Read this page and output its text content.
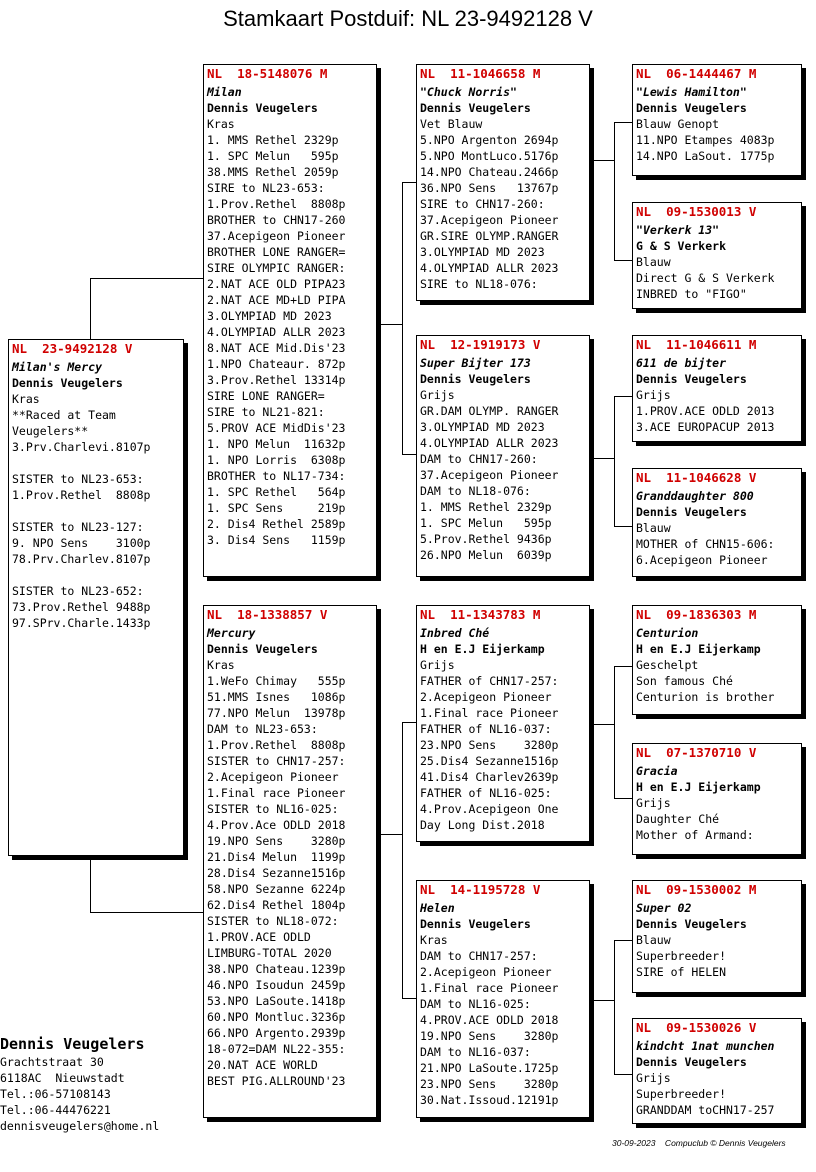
Stamkaart Postduif: NL 23-9492128 V
NL  23-9492128 V
Milan's Mercy
Dennis Veugelers
Kras
**Raced at Team
Veugelers**
3.Prv.Charlevi.8107p
SISTER to NL23-653:
1.Prov.Rethel  8808p
SISTER to NL23-127:
9. NPO Sens    3100p
78.Prv.Charlev.8107p
SISTER to NL23-652:
73.Prov.Rethel 9488p
97.SPrv.Charle.1433p
NL  18-5148076 M
Milan
Dennis Veugelers
Kras
1. MMS Rethel 2329p
1. SPC Melun   595p
38.MMS Rethel 2059p
SIRE to NL23-653:
1.Prov.Rethel  8808p
BROTHER to CHN17-260
37.Acepigeon Pioneer
BROTHER LONE RANGER=
SIRE OLYMPIC RANGER:
2.NAT ACE OLD PIPA23
2.NAT ACE MD+LD PIPA
3.OLYMPIAD MD 2023
4.OLYMPIAD ALLR 2023
8.NAT ACE Mid.Dis'23
1.NPO Chateaur. 872p
3.Prov.Rethel 13314p
SIRE LONE RANGER=
SIRE to NL21-821:
5.PROV ACE MidDis'23
1. NPO Melun  11632p
1. NPO Lorris  6308p
BROTHER to NL17-734:
1. SPC Rethel   564p
1. SPC Sens     219p
2. Dis4 Rethel 2589p
3. Dis4 Sens   1159p
NL  18-1338857 V
Mercury
Dennis Veugelers
Kras
1.WeFo Chimay   555p
51.MMS Isnes   1086p
77.NPO Melun  13978p
DAM to NL23-653:
1.Prov.Rethel  8808p
SISTER to CHN17-257:
2.Acepigeon Pioneer
1.Final race Pioneer
SISTER to NL16-025:
4.Prov.Ace ODLD 2018
19.NPO Sens    3280p
21.Dis4 Melun  1199p
28.Dis4 Sezanne1516p
58.NPO Sezanne 6224p
62.Dis4 Rethel 1804p
SISTER to NL18-072:
1.PROV.ACE ODLD
LIMBURG-TOTAL 2020
38.NPO Chateau.1239p
46.NPO Isoudun 2459p
53.NPO LaSoute.1418p
60.NPO Montluc.3236p
66.NPO Argento.2939p
18-072=DAM NL22-355:
20.NAT ACE WORLD
BEST PIG.ALLROUND'23
NL  11-1046658 M
"Chuck Norris"
Dennis Veugelers
Vet Blauw
5.NPO Argenton 2694p
5.NPO MontLuco.5176p
14.NPO Chateau.2466p
36.NPO Sens   13767p
SIRE to CHN17-260:
37.Acepigeon Pioneer
GR.SIRE OLYMP.RANGER
3.OLYMPIAD MD 2023
4.OLYMPIAD ALLR 2023
SIRE to NL18-076:
NL  12-1919173 V
Super Bijter 173
Dennis Veugelers
Grijs
GR.DAM OLYMP. RANGER
3.OLYMPIAD MD 2023
4.OLYMPIAD ALLR 2023
DAM to CHN17-260:
37.Acepigeon Pioneer
DAM to NL18-076:
1. MMS Rethel 2329p
1. SPC Melun   595p
5.Prov.Rethel 9436p
26.NPO Melun  6039p
NL  11-1343783 M
Inbred Ché
H en E.J Eijerkamp
Grijs
FATHER of CHN17-257:
2.Acepigeon Pioneer
1.Final race Pioneer
FATHER of NL16-037:
23.NPO Sens    3280p
25.Dis4 Sezanne1516p
41.Dis4 Charlev2639p
FATHER of NL16-025:
4.Prov.Acepigeon One
Day Long Dist.2018
NL  14-1195728 V
Helen
Dennis Veugelers
Kras
DAM to CHN17-257:
2.Acepigeon Pioneer
1.Final race Pioneer
DAM to NL16-025:
4.PROV.ACE ODLD 2018
19.NPO Sens    3280p
DAM to NL16-037:
21.NPO LaSoute.1725p
23.NPO Sens    3280p
30.Nat.Issoud.12191p
NL  06-1444467 M
"Lewis Hamilton"
Dennis Veugelers
Blauw Genopt
11.NPO Etampes 4083p
14.NPO LaSout. 1775p
NL  09-1530013 V
"Verkerk 13"
G & S Verkerk
Blauw
Direct G & S Verkerk
INBRED to "FIGO"
NL  11-1046611 M
611 de bijter
Dennis Veugelers
Grijs
1.PROV.ACE ODLD 2013
3.ACE EUROPACUP 2013
NL  11-1046628 V
Granddaughter 800
Dennis Veugelers
Blauw
MOTHER of CHN15-606:
6.Acepigeon Pioneer
NL  09-1836303 M
Centurion
H en E.J Eijerkamp
Geschelpt
Son famous Ché
Centurion is brother
NL  07-1370710 V
Gracia
H en E.J Eijerkamp
Grijs
Daughter Ché
Mother of Armand:
NL  09-1530002 M
Super 02
Dennis Veugelers
Blauw
Superbreeder!
SIRE of HELEN
NL  09-1530026 V
kindcht 1nat munchen
Dennis Veugelers
Grijs
Superbreeder!
GRANDDAM toCHN17-257
Dennis Veugelers
Grachtstraat 30
6118AC  Nieuwstadt
Tel.:06-57108143
Tel.:06-44476221
dennisveugelers@home.nl
30-09-2023    Compuclub © Dennis Veugelers
